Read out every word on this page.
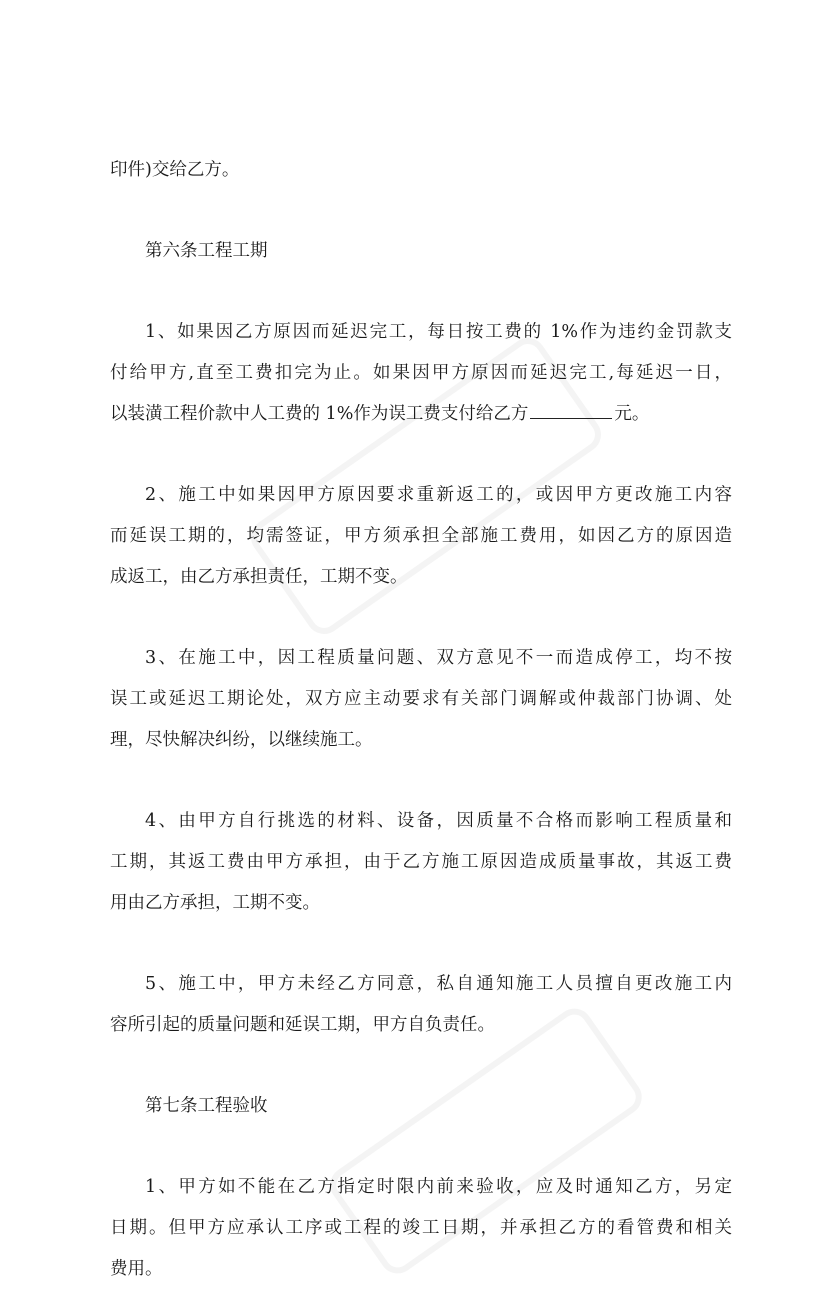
印件)交给乙方。
第六条工程工期
1、如果因乙方原因而延迟完工，每日按工费的 1%作为违约金罚款支
付给甲方,直至工费扣完为止。如果因甲方原因而延迟完工,每延迟一日，
以装潢工程价款中人工费的 1%作为误工费支付给乙方	元。
2、施工中如果因甲方原因要求重新返工的，或因甲方更改施工内容
而延误工期的，均需签证，甲方须承担全部施工费用，如因乙方的原因造
成返工，由乙方承担责任，工期不变。
3、在施工中，因工程质量问题、双方意见不一而造成停工，均不按
误工或延迟工期论处，双方应主动要求有关部门调解或仲裁部门协调、处
理，尽快解决纠纷，以继续施工。
4、由甲方自行挑选的材料、设备，因质量不合格而影响工程质量和
工期，其返工费由甲方承担，由于乙方施工原因造成质量事故，其返工费
用由乙方承担，工期不变。
5、施工中，甲方未经乙方同意，私自通知施工人员擅自更改施工内
容所引起的质量问题和延误工期，甲方自负责任。
第七条工程验收
1、甲方如不能在乙方指定时限内前来验收，应及时通知乙方，另定
日期。但甲方应承认工序或工程的竣工日期，并承担乙方的看管费和相关
费用。
